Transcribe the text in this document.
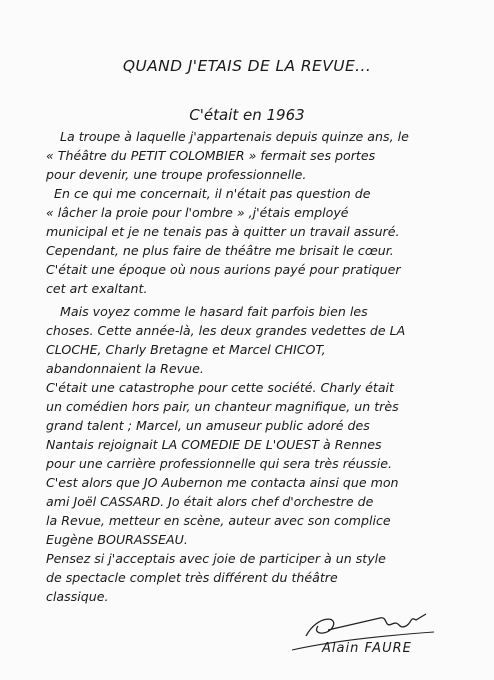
QUAND J'ETAIS DE LA REVUE...
C'était en 1963
La troupe à laquelle j'appartenais depuis quinze ans, le
« Théâtre du PETIT COLOMBIER » fermait ses portes
pour devenir, une troupe professionnelle.
En ce qui me concernait, il n'était pas question de
« lâcher la proie pour l'ombre » ,j'étais employé
municipal et je ne tenais pas à quitter un travail assuré.
Cependant, ne plus faire de théâtre me brisait le cœur.
C'était une époque où nous aurions payé pour pratiquer
cet art exaltant.
Mais voyez comme le hasard fait parfois bien les
choses. Cette année-là, les deux grandes vedettes de LA
CLOCHE, Charly Bretagne et Marcel CHICOT,
abandonnaient la Revue.
C'était une catastrophe pour cette société. Charly était
un comédien hors pair, un chanteur magnifique, un très
grand talent ; Marcel, un amuseur public adoré des
Nantais rejoignait LA COMEDIE DE L'OUEST à Rennes
pour une carrière professionnelle qui sera très réussie.
C'est alors que JO Aubernon me contacta ainsi que mon
ami Joël CASSARD. Jo était alors chef d'orchestre de
la Revue, metteur en scène, auteur avec son complice
Eugène BOURASSEAU.
Pensez si j'acceptais avec joie de participer à un style
de spectacle complet très différent du théâtre
classique.
Alain FAURE
